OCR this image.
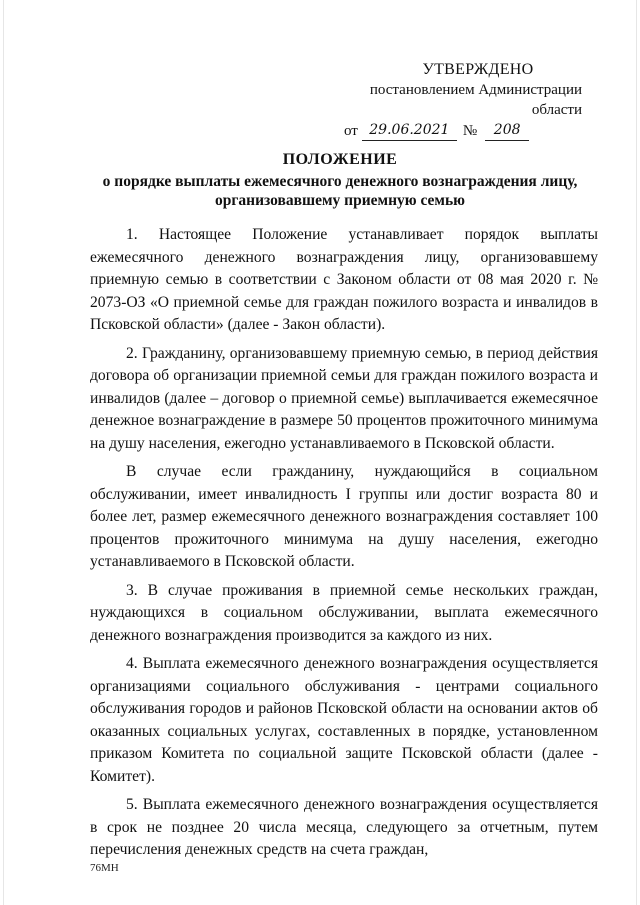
УТВЕРЖДЕНО
постановлением Администрации области
от 29.06.2021 №	208
ПОЛОЖЕНИЕ
о порядке выплаты ежемесячного денежного вознаграждения лицу, организовавшему приемную семью

1. Настоящее Положение устанавливает порядок выплаты ежемесячного денежного вознаграждения лицу, организовавшему приемную семью в соответствии с Законом области от 08 мая 2020 г. № 2073-ОЗ «О приемной семье для граждан пожилого возраста и инвалидов в Псковской области» (далее - Закон области).

2. Гражданину, организовавшему приемную семью, в период действия договора об организации приемной семьи для граждан пожилого возраста и инвалидов (далее – договор о приемной семье) выплачивается ежемесячное денежное вознаграждение в размере 50 процентов прожиточного минимума на душу населения, ежегодно устанавливаемого в Псковской области.

В случае если гражданину, нуждающийся в социальном обслуживании, имеет инвалидность I группы или достиг возраста 80 и более лет, размер ежемесячного денежного вознаграждения составляет 100 процентов прожиточного минимума на душу населения, ежегодно устанавливаемого в Псковской области.

3. В случае проживания в приемной семье нескольких граждан, нуждающихся в социальном обслуживании, выплата ежемесячного денежного вознаграждения производится за каждого из них.

4. Выплата ежемесячного денежного вознаграждения осуществляется организациями социального обслуживания - центрами социального обслуживания городов и районов Псковской области на основании актов об оказанных социальных услугах, составленных в порядке, установленном приказом Комитета по социальной защите Псковской области (далее - Комитет).

5. Выплата ежемесячного денежного вознаграждения осуществляется в срок не позднее 20 числа месяца, следующего за отчетным, путем перечисления денежных средств на счета граждан,

76МН
